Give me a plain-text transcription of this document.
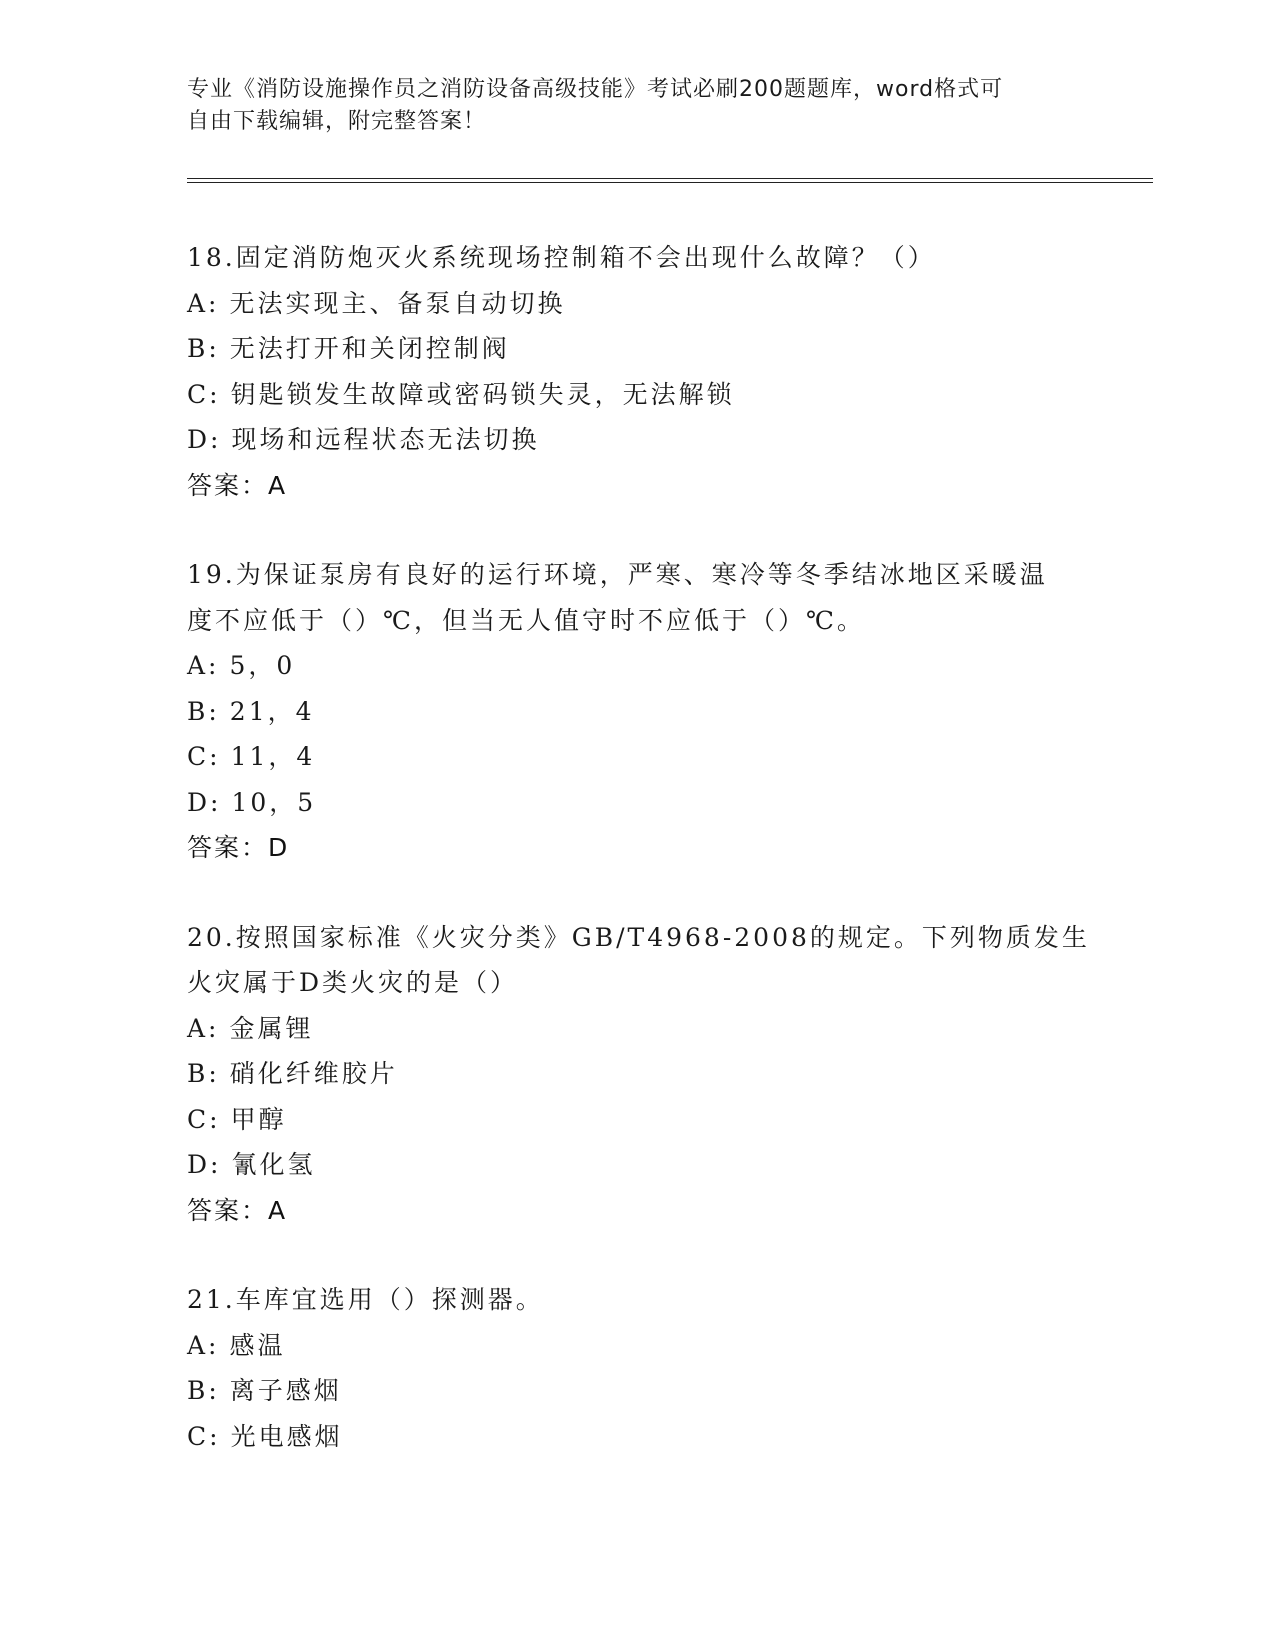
专业《消防设施操作员之消防设备高级技能》考试必刷200题题库，word格式可
自由下载编辑，附完整答案！
18.固定消防炮灭火系统现场控制箱不会出现什么故障？（）
A: 无法实现主、备泵自动切换
B: 无法打开和关闭控制阀
C: 钥匙锁发生故障或密码锁失灵，无法解锁
D: 现场和远程状态无法切换
答案：A
19.为保证泵房有良好的运行环境，严寒、寒冷等冬季结冰地区采暖温
度不应低于（）℃，但当无人值守时不应低于（）℃。
A: 5，0
B: 21，4
C: 11，4
D: 10，5
答案：D
20.按照国家标准《火灾分类》GB/T4968-2008的规定。下列物质发生
火灾属于D类火灾的是（）
A: 金属锂
B: 硝化纤维胶片
C: 甲醇
D: 氰化氢
答案：A
21.车库宜选用（）探测器。
A: 感温
B: 离子感烟
C: 光电感烟
